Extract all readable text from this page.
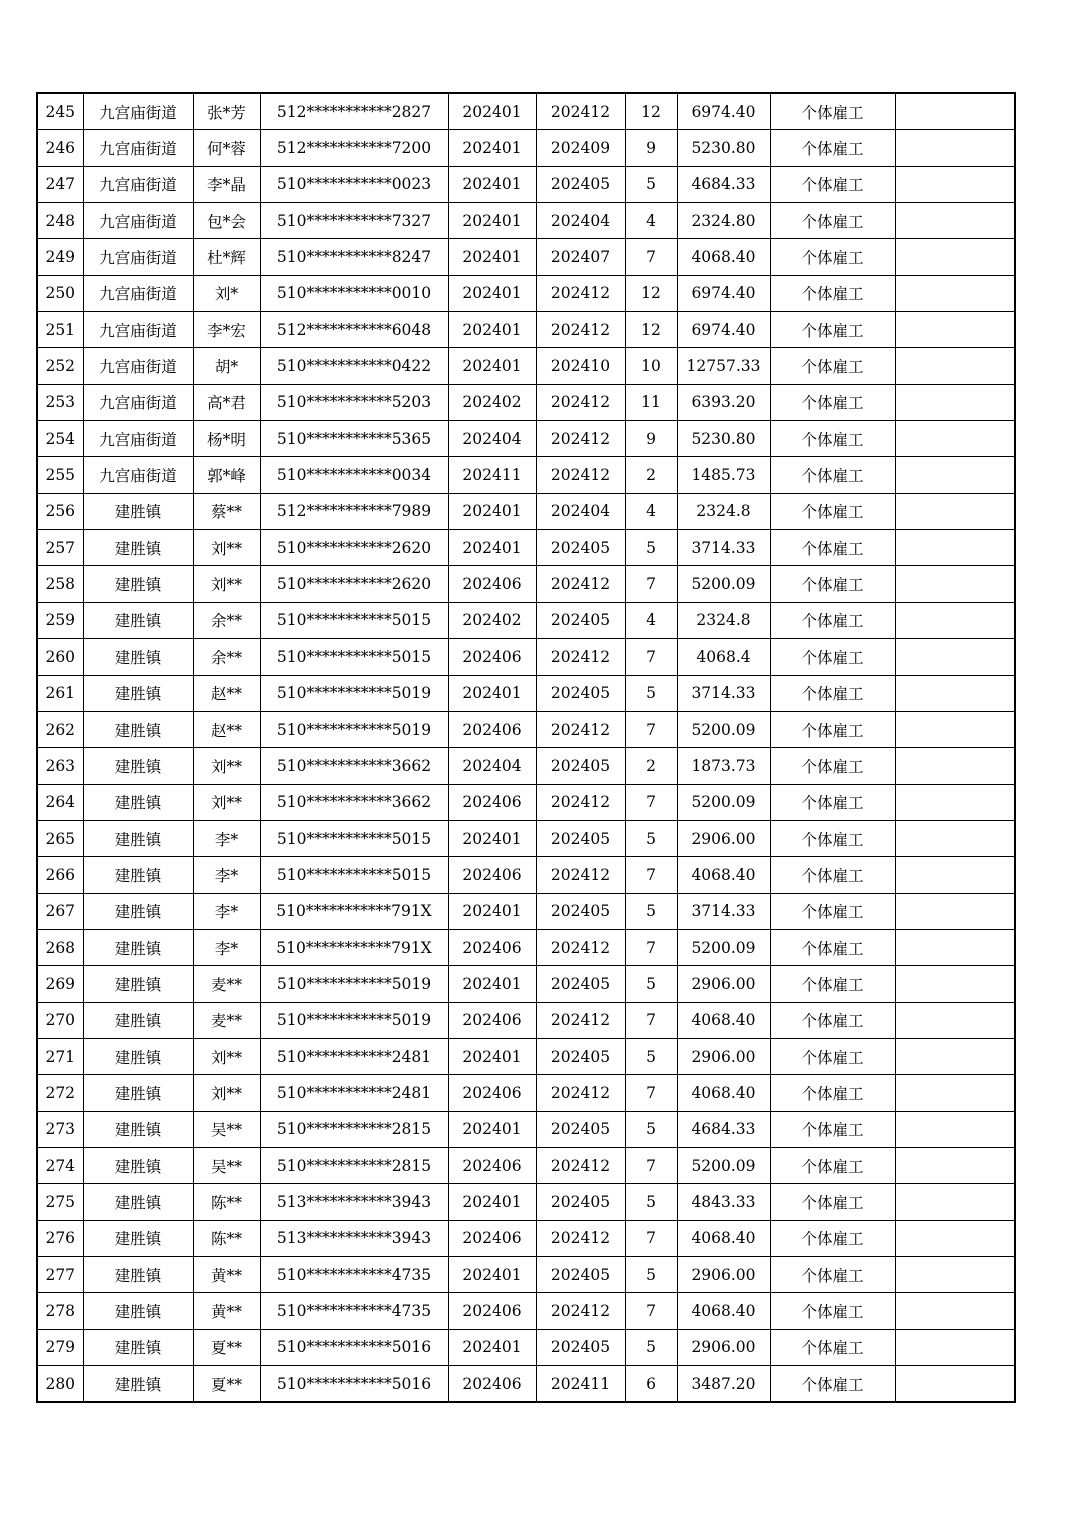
245	九宫庙街道	张*芳	512***********2827	202401	202412	12	6974.40	个体雇工	
246	九宫庙街道	何*蓉	512***********7200	202401	202409	9	5230.80	个体雇工	
247	九宫庙街道	李*晶	510***********0023	202401	202405	5	4684.33	个体雇工	
248	九宫庙街道	包*会	510***********7327	202401	202404	4	2324.80	个体雇工	
249	九宫庙街道	杜*辉	510***********8247	202401	202407	7	4068.40	个体雇工	
250	九宫庙街道	刘*	510***********0010	202401	202412	12	6974.40	个体雇工	
251	九宫庙街道	李*宏	512***********6048	202401	202412	12	6974.40	个体雇工	
252	九宫庙街道	胡*	510***********0422	202401	202410	10	12757.33	个体雇工	
253	九宫庙街道	高*君	510***********5203	202402	202412	11	6393.20	个体雇工	
254	九宫庙街道	杨*明	510***********5365	202404	202412	9	5230.80	个体雇工	
255	九宫庙街道	郭*峰	510***********0034	202411	202412	2	1485.73	个体雇工	
256	建胜镇	蔡**	512***********7989	202401	202404	4	2324.8	个体雇工	
257	建胜镇	刘**	510***********2620	202401	202405	5	3714.33	个体雇工	
258	建胜镇	刘**	510***********2620	202406	202412	7	5200.09	个体雇工	
259	建胜镇	余**	510***********5015	202402	202405	4	2324.8	个体雇工	
260	建胜镇	余**	510***********5015	202406	202412	7	4068.4	个体雇工	
261	建胜镇	赵**	510***********5019	202401	202405	5	3714.33	个体雇工	
262	建胜镇	赵**	510***********5019	202406	202412	7	5200.09	个体雇工	
263	建胜镇	刘**	510***********3662	202404	202405	2	1873.73	个体雇工	
264	建胜镇	刘**	510***********3662	202406	202412	7	5200.09	个体雇工	
265	建胜镇	李*	510***********5015	202401	202405	5	2906.00	个体雇工	
266	建胜镇	李*	510***********5015	202406	202412	7	4068.40	个体雇工	
267	建胜镇	李*	510***********791X	202401	202405	5	3714.33	个体雇工	
268	建胜镇	李*	510***********791X	202406	202412	7	5200.09	个体雇工	
269	建胜镇	麦**	510***********5019	202401	202405	5	2906.00	个体雇工	
270	建胜镇	麦**	510***********5019	202406	202412	7	4068.40	个体雇工	
271	建胜镇	刘**	510***********2481	202401	202405	5	2906.00	个体雇工	
272	建胜镇	刘**	510***********2481	202406	202412	7	4068.40	个体雇工	
273	建胜镇	吴**	510***********2815	202401	202405	5	4684.33	个体雇工	
274	建胜镇	吴**	510***********2815	202406	202412	7	5200.09	个体雇工	
275	建胜镇	陈**	513***********3943	202401	202405	5	4843.33	个体雇工	
276	建胜镇	陈**	513***********3943	202406	202412	7	4068.40	个体雇工	
277	建胜镇	黄**	510***********4735	202401	202405	5	2906.00	个体雇工	
278	建胜镇	黄**	510***********4735	202406	202412	7	4068.40	个体雇工	
279	建胜镇	夏**	510***********5016	202401	202405	5	2906.00	个体雇工	
280	建胜镇	夏**	510***********5016	202406	202411	6	3487.20	个体雇工	
